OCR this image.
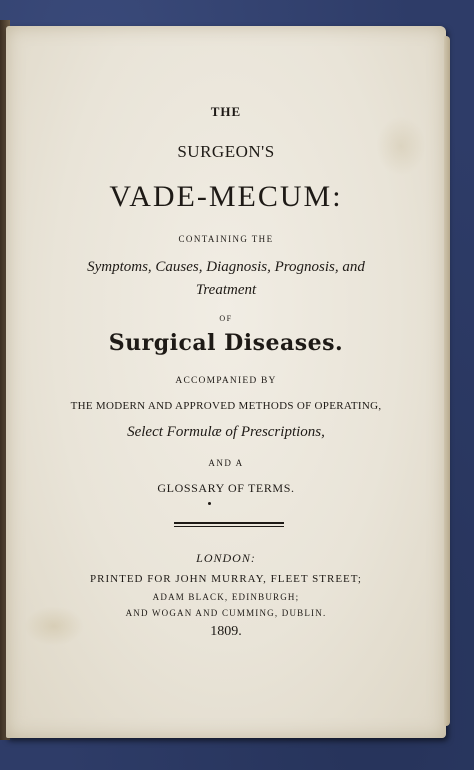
THE
SURGEON'S
VADE-MECUM:
CONTAINING THE
Symptoms, Causes, Diagnosis, Prognosis, and
Treatment
OF
Surgical Diseases.
ACCOMPANIED BY
THE MODERN AND APPROVED METHODS OF OPERATING,
Select Formulæ of Prescriptions,
AND A
GLOSSARY OF TERMS.
LONDON:
PRINTED FOR JOHN MURRAY, FLEET STREET;
ADAM BLACK, EDINBURGH;
AND WOGAN AND CUMMING, DUBLIN.
1809.
